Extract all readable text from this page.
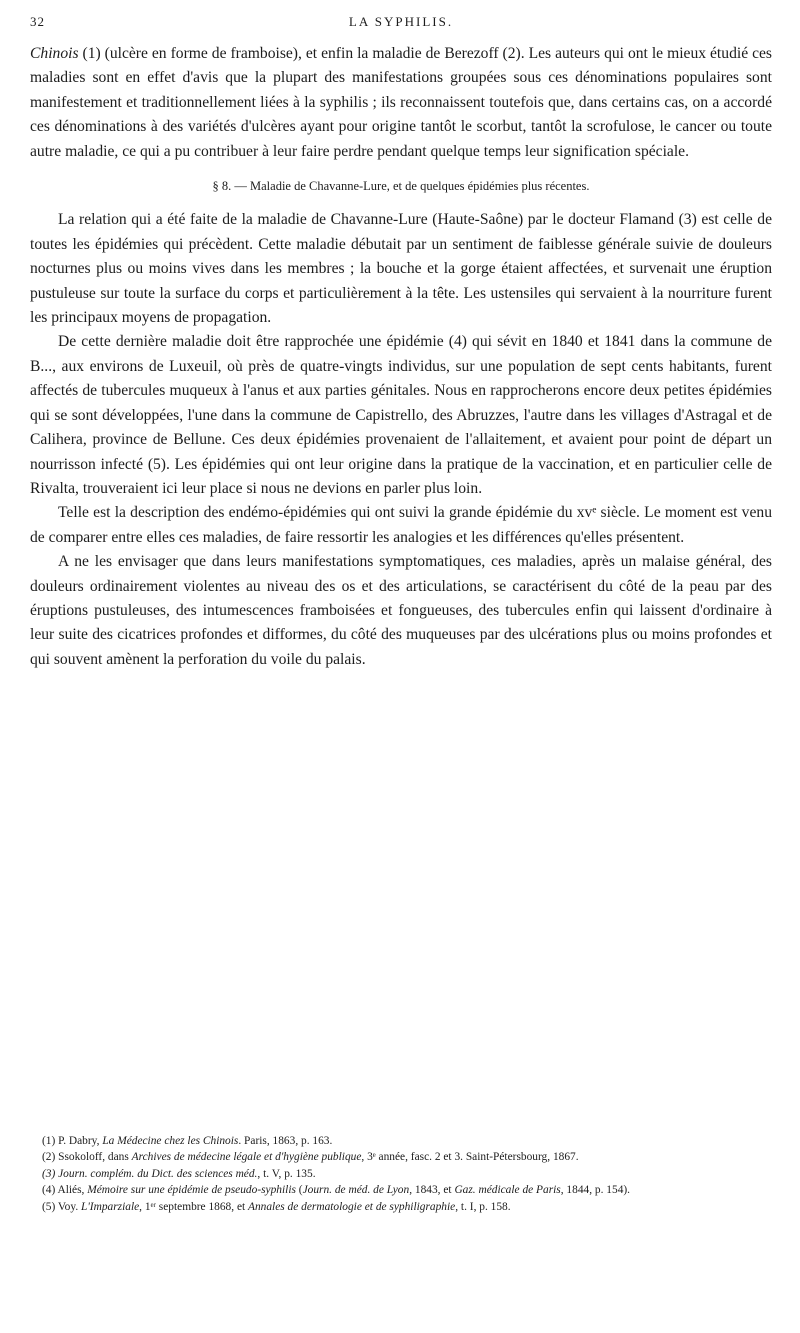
32	LA SYPHILIS.

Chinois (1) (ulcère en forme de framboise), et enfin la maladie de Berezoff (2). Les auteurs qui ont le mieux étudié ces maladies sont en effet d'avis que la plupart des manifestations groupées sous ces dénominations populaires sont manifestement et traditionnellement liées à la syphilis ; ils reconnaissent toutefois que, dans certains cas, on a accordé ces dénominations à des variétés d'ulcères ayant pour origine tantôt le scorbut, tantôt la scrofulose, le cancer ou toute autre maladie, ce qui a pu contribuer à leur faire perdre pendant quelque temps leur signification spéciale.

§ 8. — Maladie de Chavanne-Lure, et de quelques épidémies plus récentes.

La relation qui a été faite de la maladie de Chavanne-Lure (Haute-Saône) par le docteur Flamand (3) est celle de toutes les épidémies qui précèdent. Cette maladie débutait par un sentiment de faiblesse générale suivie de douleurs nocturnes plus ou moins vives dans les membres ; la bouche et la gorge étaient affectées, et survenait une éruption pustuleuse sur toute la surface du corps et particulièrement à la tête. Les ustensiles qui servaient à la nourriture furent les principaux moyens de propagation.

De cette dernière maladie doit être rapprochée une épidémie (4) qui sévit en 1840 et 1841 dans la commune de B..., aux environs de Luxeuil, où près de quatre-vingts individus, sur une population de sept cents habitants, furent affectés de tubercules muqueux à l'anus et aux parties génitales. Nous en rapprocherons encore deux petites épidémies qui se sont développées, l'une dans la commune de Capistrello, des Abruzzes, l'autre dans les villages d'Astragal et de Calihera, province de Bellune. Ces deux épidémies provenaient de l'allaitement, et avaient pour point de départ un nourrisson infecté (5). Les épidémies qui ont leur origine dans la pratique de la vaccination, et en particulier celle de Rivalta, trouveraient ici leur place si nous ne devions en parler plus loin.

Telle est la description des endémo-épidémies qui ont suivi la grande épidémie du xvᵉ siècle. Le moment est venu de comparer entre elles ces maladies, de faire ressortir les analogies et les différences qu'elles présentent.

A ne les envisager que dans leurs manifestations symptomatiques, ces maladies, après un malaise général, des douleurs ordinairement violentes au niveau des os et des articulations, se caractérisent du côté de la peau par des éruptions pustuleuses, des intumescences framboisées et fongueuses, des tubercules enfin qui laissent d'ordinaire à leur suite des cicatrices profondes et difformes, du côté des muqueuses par des ulcérations plus ou moins profondes et qui souvent amènent la perforation du voile du palais.

(1) P. Dabry, La Médecine chez les Chinois. Paris, 1863, p. 163.

(2) Ssokoloff, dans Archives de médecine légale et d'hygiène publique, 3ᵉ année, fasc. 2 et 3. Saint-Pétersbourg, 1867.

(3) Journ. complém. du Dict. des sciences méd., t. V, p. 135.

(4) Aliés, Mémoire sur une épidémie de pseudo-syphilis (Journ. de méd. de Lyon, 1843, et Gaz. médicale de Paris, 1844, p. 154).

(5) Voy. L'Imparziale, 1ᵉʳ septembre 1868, et Annales de dermatologie et de syphiligraphie, t. I, p. 158.
